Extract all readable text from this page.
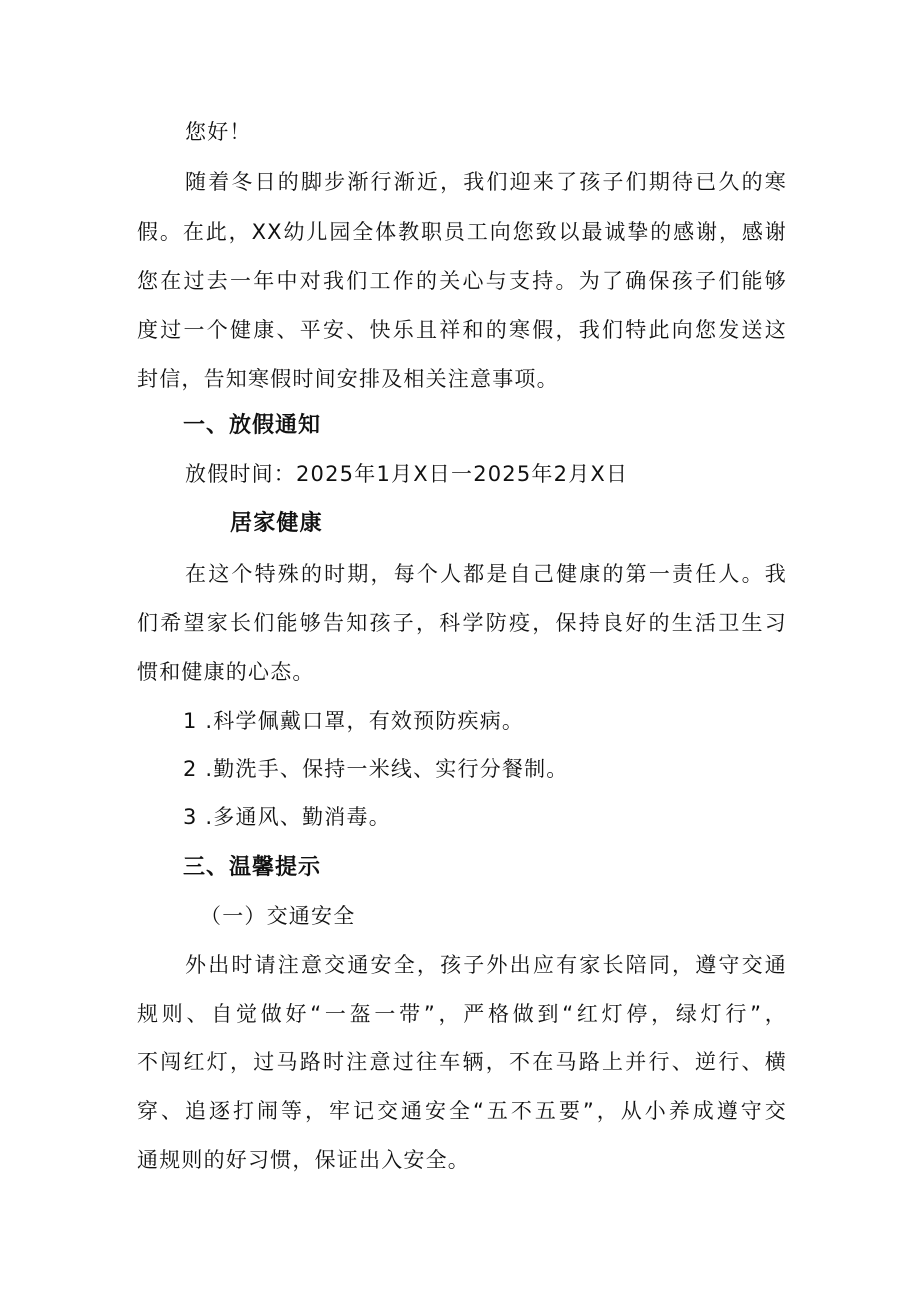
您好！
随着冬日的脚步渐行渐近，我们迎来了孩子们期待已久的寒
假。在此，XX幼儿园全体教职员工向您致以最诚挚的感谢，感谢
您在过去一年中对我们工作的关心与支持。为了确保孩子们能够
度过一个健康、平安、快乐且祥和的寒假，我们特此向您发送这
封信，告知寒假时间安排及相关注意事项。
一、放假通知
放假时间：2025年1月X日一2025年2月X日
居家健康
在这个特殊的时期，每个人都是自己健康的第一责任人。我
们希望家长们能够告知孩子，科学防疫，保持良好的生活卫生习
惯和健康的心态。
1 .科学佩戴口罩，有效预防疾病。
2 .勤洗手、保持一米线、实行分餐制。
3 .多通风、勤消毒。
三、温馨提示
（一）交通安全
外出时请注意交通安全，孩子外出应有家长陪同，遵守交通
规则、自觉做好“一盔一带”，严格做到“红灯停，绿灯行”，
不闯红灯，过马路时注意过往车辆，不在马路上并行、逆行、横
穿、追逐打闹等，牢记交通安全“五不五要”，从小养成遵守交
通规则的好习惯，保证出入安全。
